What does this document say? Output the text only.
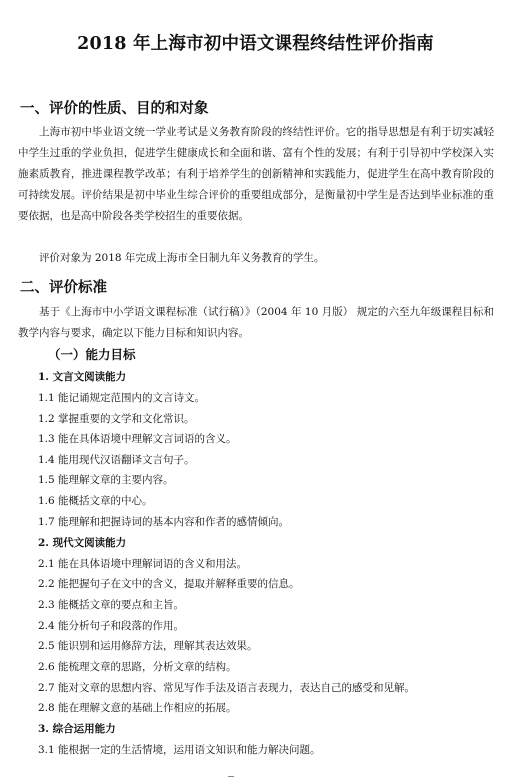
2018 年上海市初中语文课程终结性评价指南
一、评价的性质、目的和对象
上海市初中毕业语文统一学业考试是义务教育阶段的终结性评价。它的指导思想是有利于切实减轻中学生过重的学业负担，促进学生健康成长和全面和谐、富有个性的发展；有利于引导初中学校深入实施素质教育，推进课程教学改革；有利于培养学生的创新精神和实践能力，促进学生在高中教育阶段的可持续发展。评价结果是初中毕业生综合评价的重要组成部分，是衡量初中学生是否达到毕业标准的重要依据，也是高中阶段各类学校招生的重要依据。
评价对象为 2018 年完成上海市全日制九年义务教育的学生。
二、评价标准
基于《上海市中小学语文课程标准（试行稿）》（2004 年 10 月版） 规定的六至九年级课程目标和教学内容与要求，确定以下能力目标和知识内容。
（一）能力目标
1. 文言文阅读能力
1.1 能记诵规定范围内的文言诗文。
1.2 掌握重要的文学和文化常识。
1.3 能在具体语境中理解文言词语的含义。
1.4 能用现代汉语翻译文言句子。
1.5 能理解文章的主要内容。
1.6 能概括文章的中心。
1.7 能理解和把握诗词的基本内容和作者的感情倾向。
2. 现代文阅读能力
2.1 能在具体语境中理解词语的含义和用法。
2.2 能把握句子在文中的含义，提取并解释重要的信息。
2.3 能概括文章的要点和主旨。
2.4 能分析句子和段落的作用。
2.5 能识别和运用修辞方法，理解其表达效果。
2.6 能梳理文章的思路，分析文章的结构。
2.7 能对文章的思想内容、常见写作手法及语言表现力，表达自己的感受和见解。
2.8 能在理解文意的基础上作相应的拓展。
3. 综合运用能力
3.1 能根据一定的生活情境，运用语文知识和能力解决问题。
